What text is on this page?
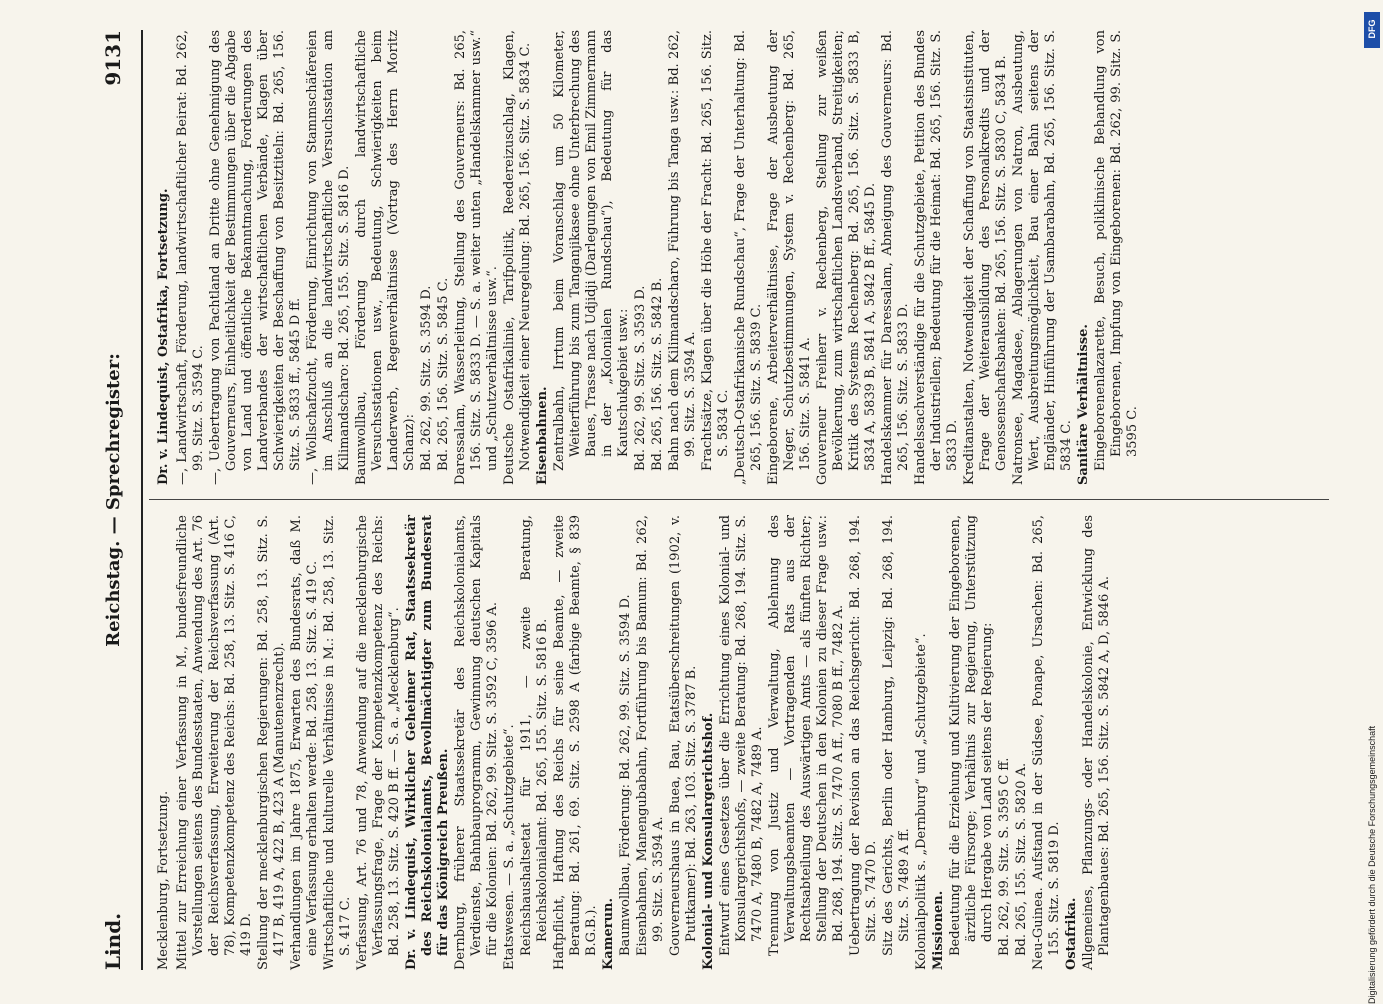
Lind.
Reichstag. — Sprechregister:
9131

Mecklenburg, Fortsetzung. Mittel zur Erreichung einer Verfassung in M., bundesfreundliche Vorstellungen seitens des Bundesstaaten, Anwendung des Art. 76 der Reichsverfassung, Erweiterung der Reichsverfassung (Art. 78), Kompetenzkompetenz des Reichs: Bd. 258, 13. Sitz. S. 416 C, 419 D. Stellung der mecklenburgischen Regierungen: Bd. 258, 13. Sitz. S. 417 B, 419 A, 422 B, 423 A (Manutenenzrecht). Verhandlungen im Jahre 1875, Erwarten des Bundesrats, daß M. eine Verfassung erhalten werde: Bd. 258, 13. Sitz. S. 419 C. Wirtschaftliche und kulturelle Verhältnisse in M.: Bd. 258, 13. Sitz. S. 417 C. Verfassung, Art. 76 und 78, Anwendung auf die mecklenburgische Verfassungsfrage, Frage der Kompetenzkompetenz des Reichs: Bd. 258, 13. Sitz. S. 420 B ff. — S. a. „Mecklenburg“. Dr. v. Lindequist, Wirklicher Geheimer Rat, Staatssekretär des Reichskolonialamts, Bevollmächtigter zum Bundesrat für das Königreich Preußen. Dernburg, früherer Staatssekretär des Reichskolonialamts, Verdienste, Bahnbauprogramm, Gewinnung deutschen Kapitals für die Kolonien: Bd. 262, 99. Sitz. S. 3592 C, 3596 A. Etatswesen. — S. a. „Schutzgebiete“. Reichshaushaltsetat für 1911, — zweite Beratung, Reichskolonialamt: Bd. 265, 155. Sitz. S. 5816 B. Haftpflicht, Haftung des Reichs für seine Beamte, — zweite Beratung: Bd. 261, 69. Sitz. S. 2598 A (farbige Beamte, § 839 B.G.B.). Kamerun. Baumwollbau, Förderung: Bd. 262, 99. Sitz. S. 3594 D. Eisenbahnen, Manengubabahn, Fortführung bis Bamum: Bd. 262, 99. Sitz. S. 3594 A. Gouverneurshaus in Buea, Bau, Etatsüberschreitungen (1902, v. Puttkamer): Bd. 263, 103. Sitz. S. 3787 B. Kolonial- und Konsulargerichtshof. Entwurf eines Gesetzes über die Errichtung eines Kolonial- und Konsulargerichtshofs, — zweite Beratung: Bd. 268, 194. Sitz. S. 7470 A, 7480 B, 7482 A, 7489 A. Trennung von Justiz und Verwaltung, Ablehnung des Verwaltungsbeamten — Vortragenden Rats aus der Rechtsabteilung des Auswärtigen Amts — als fünften Richter; Stellung der Deutschen in den Kolonien zu dieser Frage usw.: Bd. 268, 194. Sitz. S. 7470 A ff., 7080 B ff., 7482 A. Uebertragung der Revision an das Reichsgericht: Bd. 268, 194. Sitz. S. 7470 D. Sitz des Gerichts, Berlin oder Hamburg, Leipzig: Bd. 268, 194. Sitz. S. 7489 A ff. Kolonialpolitik s. „Dernburg“ und „Schutzgebiete“. Missionen. Bedeutung für die Erziehung und Kultivierung der Eingeborenen, ärztliche Fürsorge; Verhältnis zur Regierung, Unterstützung durch Hergabe von Land seitens der Regierung: Bd. 262, 99. Sitz. S. 3595 C ff. Bd. 265, 155. Sitz. S. 5820 A. Neu-Guinea. Aufstand in der Südsee, Ponape, Ursachen: Bd. 265, 155. Sitz. S. 5819 D. Ostafrika. Allgemeines, Pflanzungs- oder Handelskolonie, Entwicklung des Plantagenbaues: Bd. 265, 156. Sitz. S. 5842 A, D, 5846 A.

Dr. v. Lindequist, Ostafrika, Fortsetzung. —, Landwirtschaft, Förderung, landwirtschaftlicher Beirat: Bd. 262, 99. Sitz. S. 3594 C. —, Uebertragung von Pachtland an Dritte ohne Genehmigung des Gouverneurs, Einheitlichkeit der Bestimmungen über die Abgabe von Land und öffentliche Bekanntmachung, Forderungen des Landverbandes der wirtschaftlichen Verbände, Klagen über Schwierigkeiten der Beschaffung von Besitztiteln: Bd. 265, 156. Sitz. S. 5833 ff., 5845 D ff. —, Wollschafzucht, Förderung, Einrichtung von Stammschäfereien im Anschluß an die landwirtschaftliche Versuchsstation am Kilimandscharo: Bd. 265, 155. Sitz. S. 5816 D. Baumwollbau, Förderung durch landwirtschaftliche Versuchsstationen usw., Bedeutung, Schwierigkeiten beim Landerwerb, Regenverhältnisse (Vortrag des Herrn Moritz Schanz): Bd. 262, 99. Sitz. S. 3594 D. Bd. 265, 156. Sitz. S. 5845 C. Daressalam, Wasserleitung, Stellung des Gouverneurs: Bd. 265, 156. Sitz. S. 5833 D. — S. a. weiter unten „Handelskammer usw.“ und „Schutzverhältnisse usw.“. Deutsche Ostafrikalinie, Tarifpolitik, Reedereizuschlag, Klagen, Notwendigkeit einer Neuregelung: Bd. 265, 156. Sitz. S. 5834 C. Eisenbahnen. Zentralbahn, Irrtum beim Voranschlag um 50 Kilometer, Weiterführung bis zum Tanganjikasee ohne Unterbrechung des Baues, Trasse nach Udjidji (Darlegungen von Emil Zimmermann in der „Kolonialen Rundschau“), Bedeutung für das Kautschukgebiet usw.: Bd. 262, 99. Sitz. S. 3593 D. Bd. 265, 156. Sitz. S. 5842 B. Bahn nach dem Kilimandscharo, Führung bis Tanga usw.: Bd. 262, 99. Sitz. S. 3594 A. Frachtsätze, Klagen über die Höhe der Fracht: Bd. 265, 156. Sitz. S. 5834 C. „Deutsch-Ostafrikanische Rundschau“, Frage der Unterhaltung: Bd. 265, 156. Sitz. S. 5839 C. Eingeborene, Arbeiterverhältnisse, Frage der Ausbeutung der Neger, Schutzbestimmungen, System v. Rechenberg: Bd. 265, 156. Sitz. S. 5841 A. Gouverneur Freiherr v. Rechenberg, Stellung zur weißen Bevölkerung, zum wirtschaftlichen Landsverband, Streitigkeiten; Kritik des Systems Rechenberg: Bd. 265, 156. Sitz. S. 5833 B, 5834 A, 5839 B, 5841 A, 5842 B ff., 5845 D. Handelskammer für Daressalam, Abneigung des Gouverneurs: Bd. 265, 156. Sitz. S. 5833 D. Handelssachverständige für die Schutzgebiete, Petition des Bundes der Industriellen; Bedeutung für die Heimat: Bd. 265, 156. Sitz. S. 5833 D. Kreditanstalten, Notwendigkeit der Schaffung von Staatsinstituten, Frage der Weiterausbildung des Personalkredits und der Genossenschaftsbanken: Bd. 265, 156. Sitz. S. 5830 C, 5834 B. Natronsee, Magadsee, Ablagerungen von Natron, Ausbeutung, Wert, Ausbreitungsmöglichkeit, Bau einer Bahn seitens der Engländer, Hinführung der Usambarabahn, Bd. 265, 156. Sitz. S. 5834 C. Sanitäre Verhältnisse. Eingeborenenlazarette, Besuch, poliklinische Behandlung von Eingeborenen, Impfung von Eingeborenen: Bd. 262, 99. Sitz. S. 3595 C.

DFG
Digitalisierung gefördert durch die Deutsche Forschungsgemeinschaft
